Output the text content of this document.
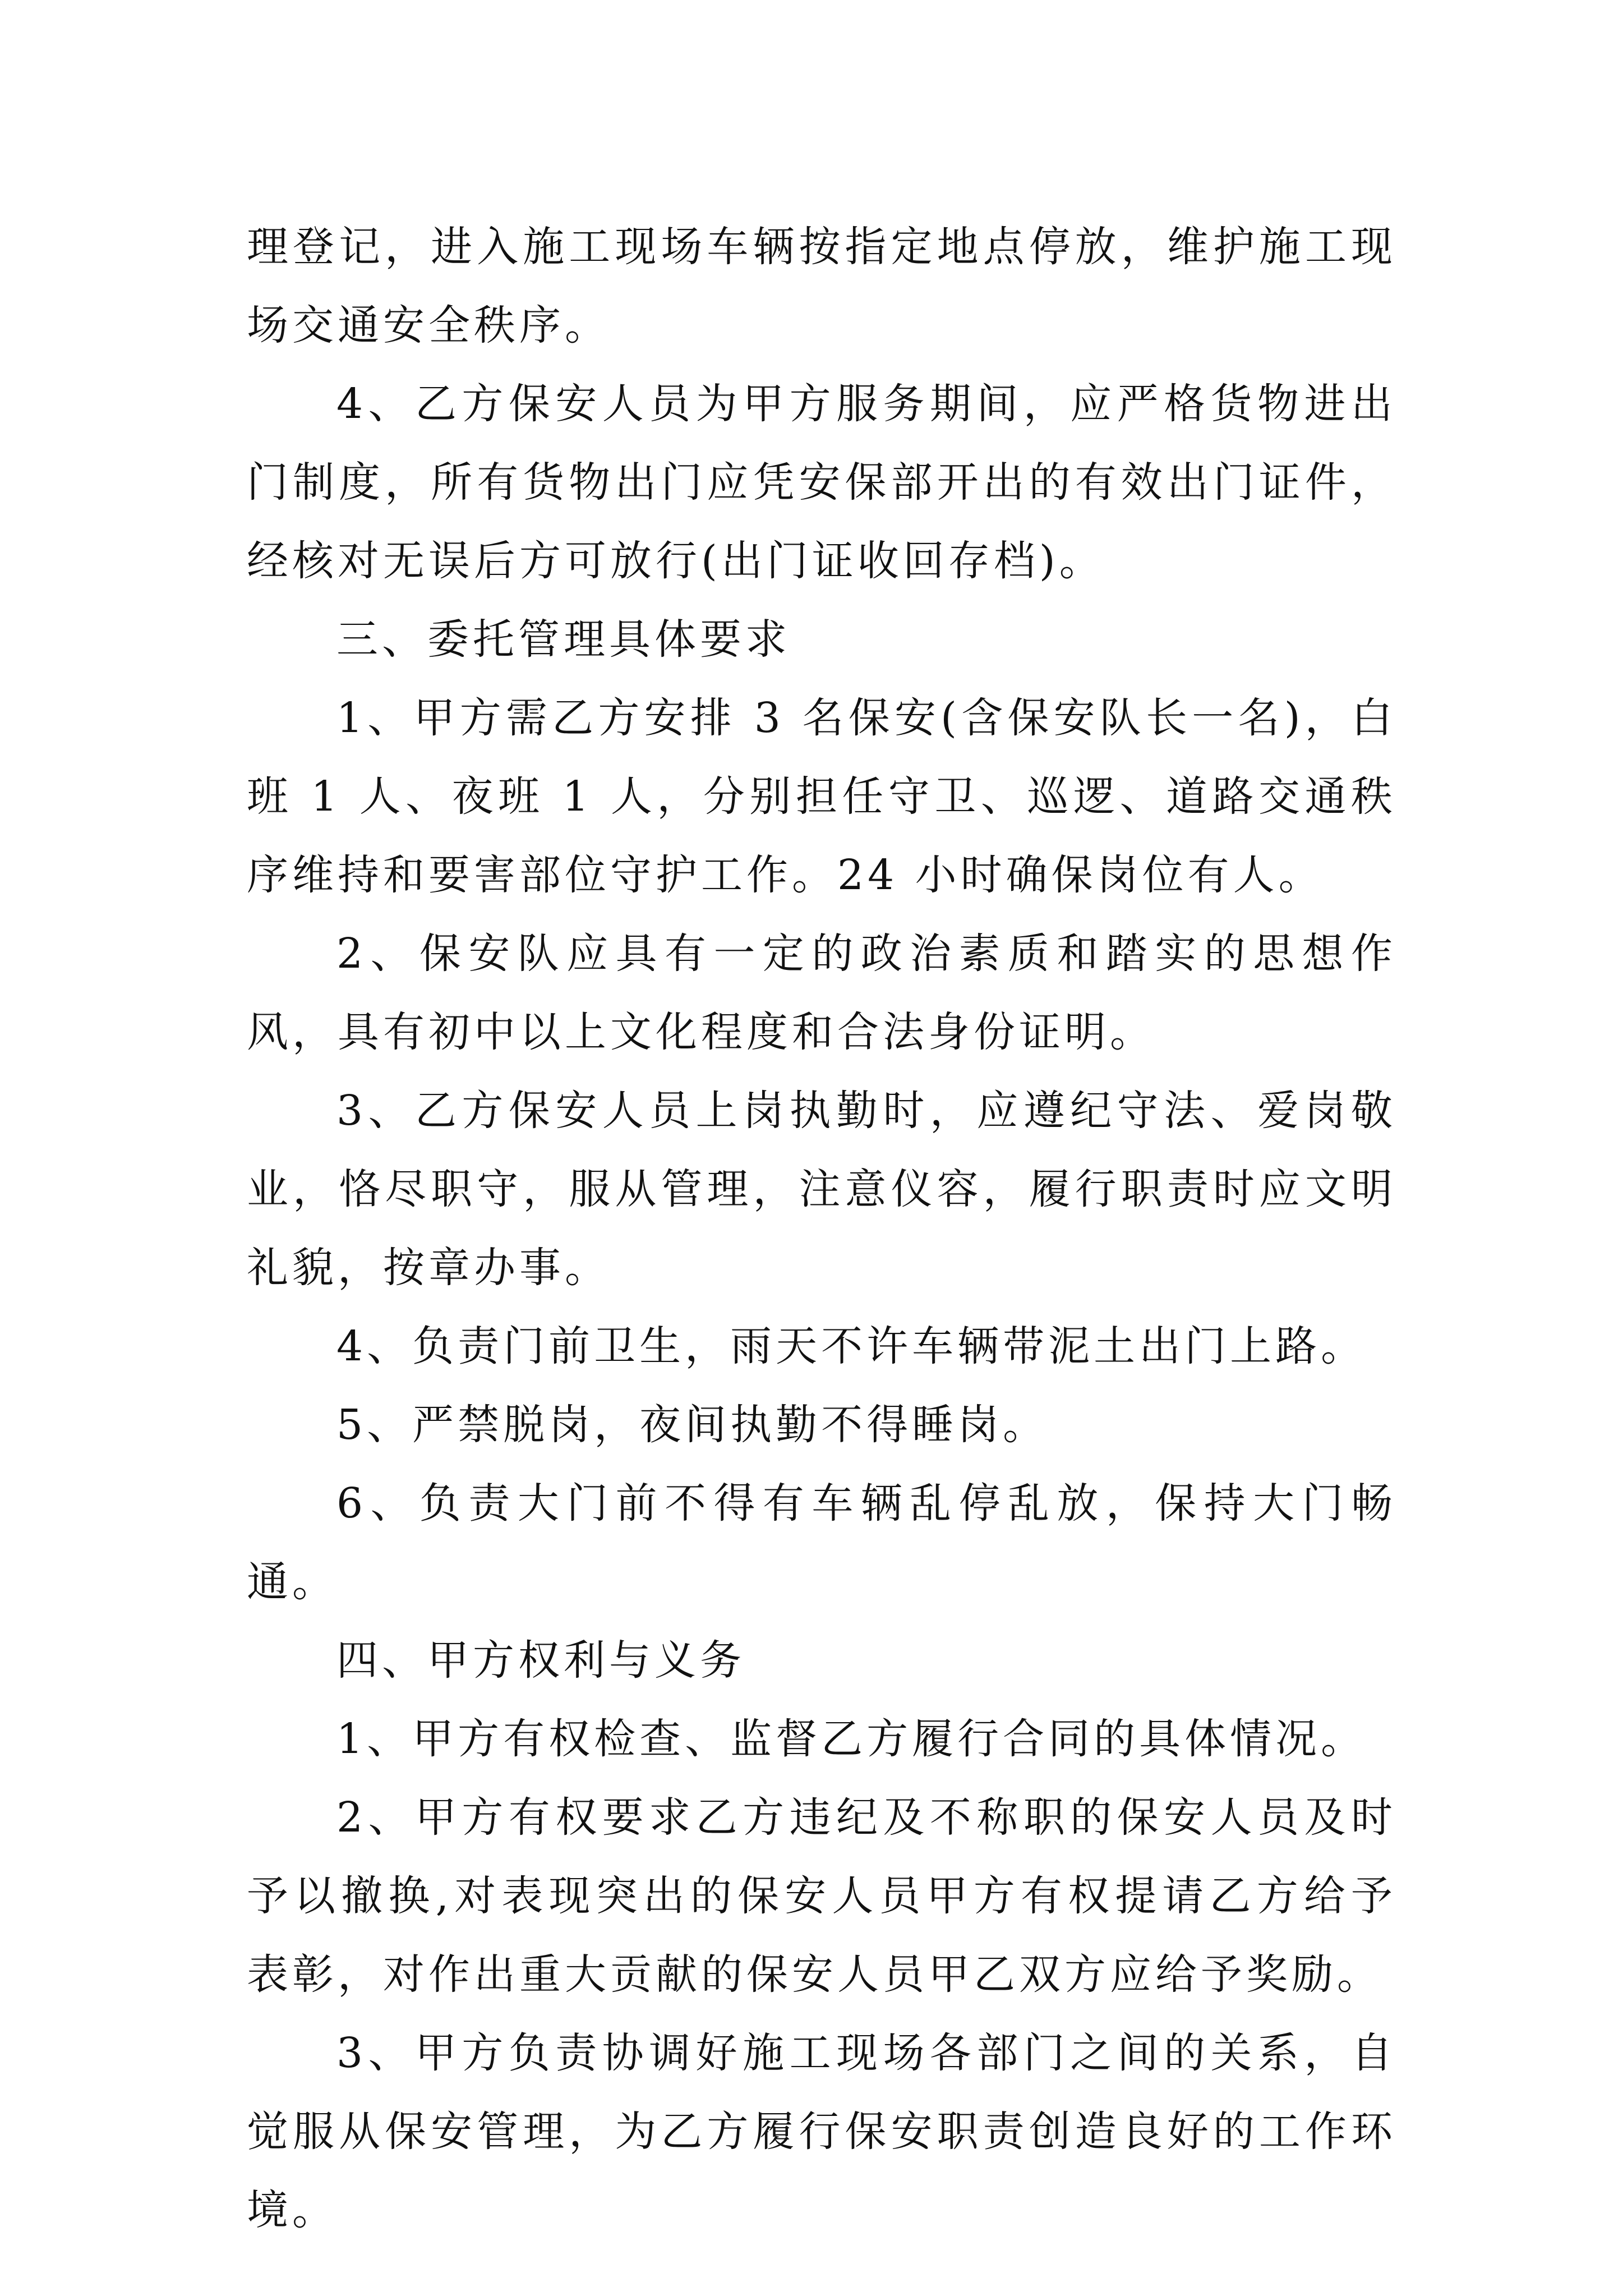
理登记，进入施工现场车辆按指定地点停放，维护施工现场交通安全秩序。

4、乙方保安人员为甲方服务期间，应严格货物进出门制度，所有货物出门应凭安保部开出的有效出门证件，经核对无误后方可放行(出门证收回存档)。

三、委托管理具体要求

1、甲方需乙方安排 3 名保安(含保安队长一名)，白班 1 人、夜班 1 人，分别担任守卫、巡逻、道路交通秩序维持和要害部位守护工作。24 小时确保岗位有人。

2、保安队应具有一定的政治素质和踏实的思想作风，具有初中以上文化程度和合法身份证明。

3、乙方保安人员上岗执勤时，应遵纪守法、爱岗敬业，恪尽职守，服从管理，注意仪容，履行职责时应文明礼貌，按章办事。

4、负责门前卫生，雨天不许车辆带泥土出门上路。

5、严禁脱岗，夜间执勤不得睡岗。

6、负责大门前不得有车辆乱停乱放，保持大门畅通。

四、甲方权利与义务

1、甲方有权检查、监督乙方履行合同的具体情况。

2、甲方有权要求乙方违纪及不称职的保安人员及时予以撤换,对表现突出的保安人员甲方有权提请乙方给予表彰，对作出重大贡献的保安人员甲乙双方应给予奖励。

3、甲方负责协调好施工现场各部门之间的关系，自觉服从保安管理，为乙方履行保安职责创造良好的工作环境。
